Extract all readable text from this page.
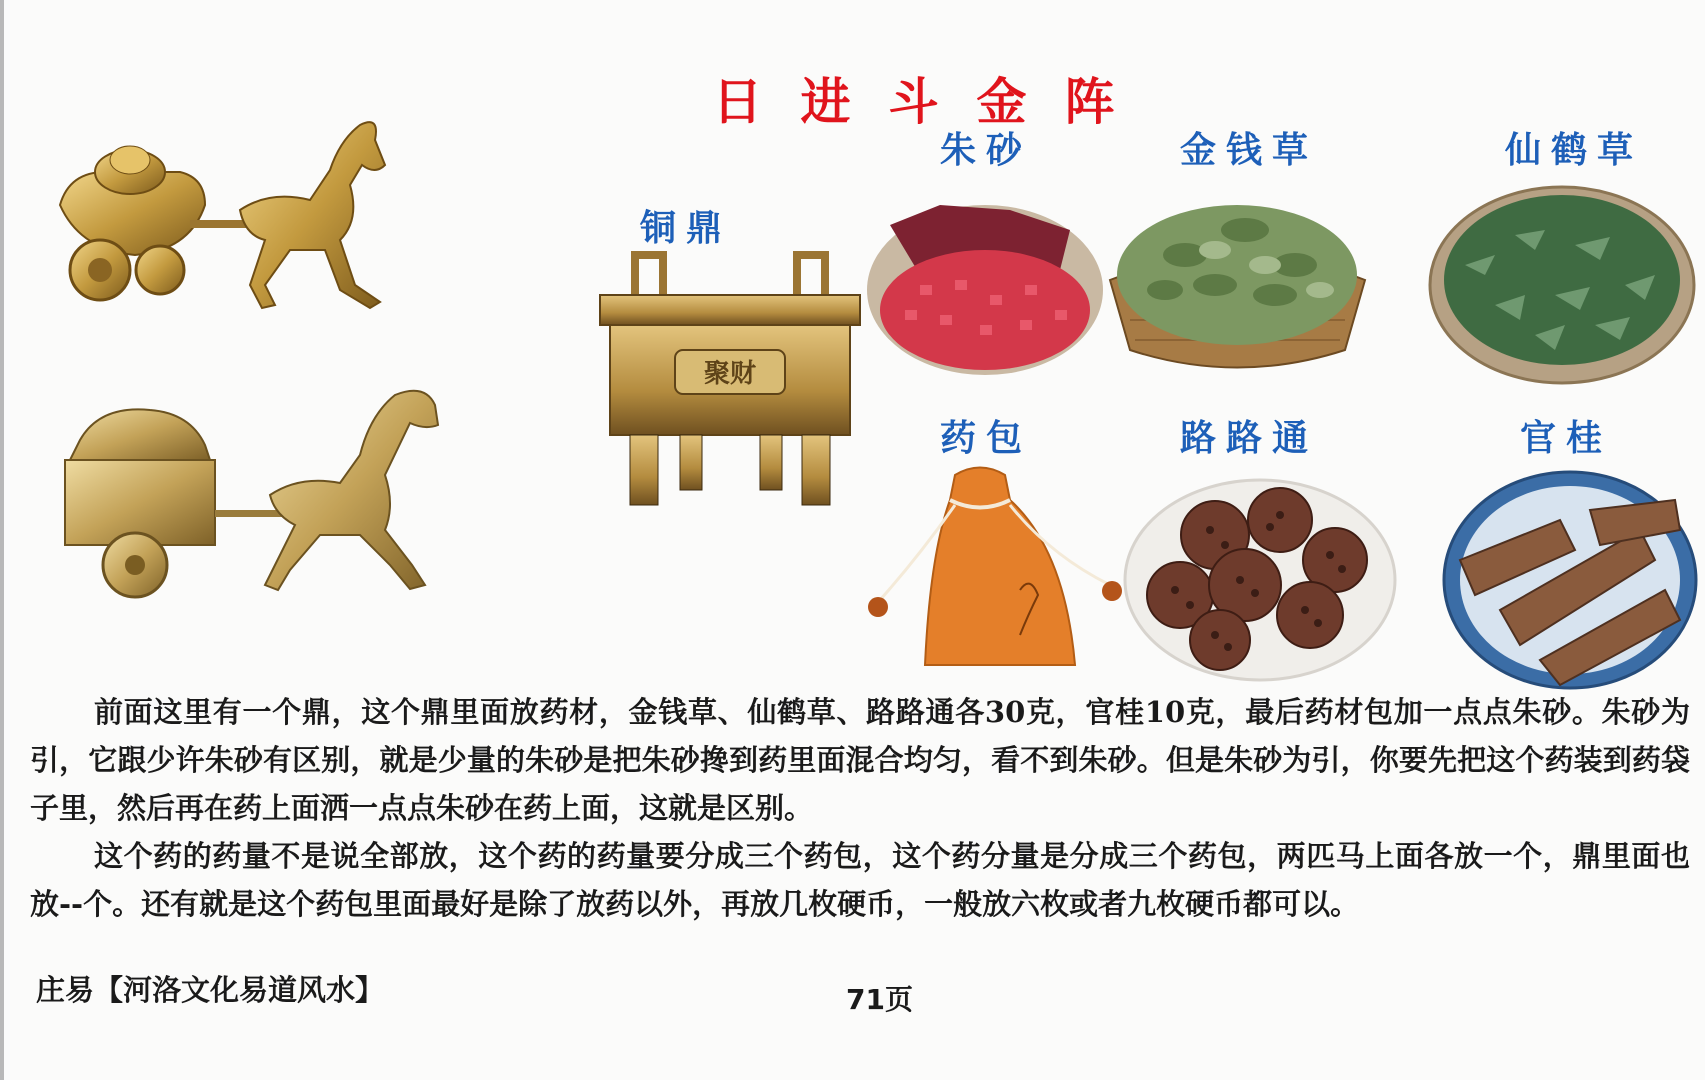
日进斗金阵
铜鼎
聚财
朱砂	金钱草	仙鹤草
药包	路路通	官桂

前面这里有一个鼎，这个鼎里面放药材，金钱草、仙鹤草、路路通各30克，官桂10克，最后药材包加一点点朱砂。朱砂为引，它跟少许朱砂有区别，就是少量的朱砂是把朱砂搀到药里面混合均匀，看不到朱砂。但是朱砂为引，你要先把这个药装到药袋子里，然后再在药上面洒一点点朱砂在药上面，这就是区别。

这个药的药量不是说全部放，这个药的药量要分成三个药包，这个药分量是分成三个药包，两匹马上面各放一个，鼎里面也放--个。还有就是这个药包里面最好是除了放药以外，再放几枚硬币，一般放六枚或者九枚硬币都可以。

庄易【河洛文化易道风水】	71页
